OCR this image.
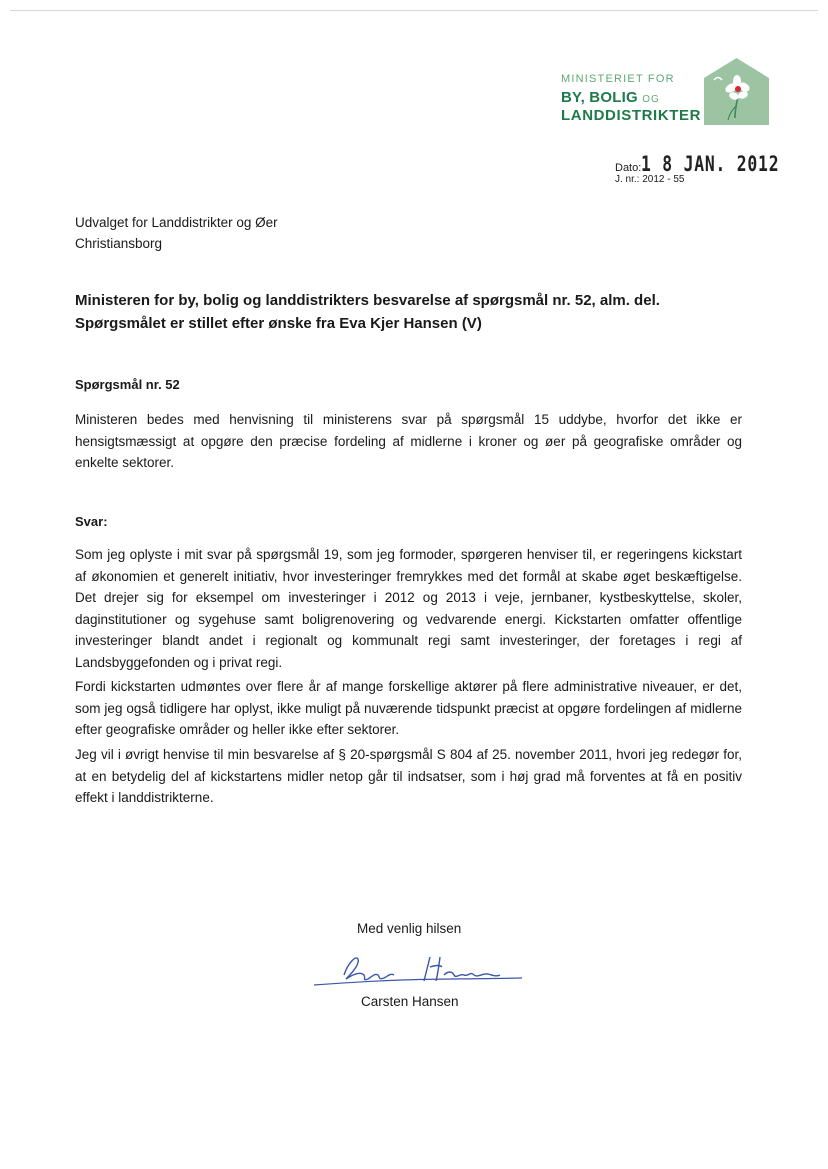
MINISTERIET FOR
BY, BOLIG OG
LANDDISTRIKTER
Dato: 1 8 JAN. 2012
J. nr.: 2012 - 55
Udvalget for Landdistrikter og Øer
Christiansborg
Ministeren for by, bolig og landdistrikters besvarelse af spørgsmål nr. 52, alm. del.
Spørgsmålet er stillet efter ønske fra Eva Kjer Hansen (V)
Spørgsmål nr. 52
Ministeren bedes med henvisning til ministerens svar på spørgsmål 15 uddybe, hvorfor det ikke er hensigtsmæssigt at opgøre den præcise fordeling af midlerne i kroner og øer på geografiske områder og enkelte sektorer.
Svar:
Som jeg oplyste i mit svar på spørgsmål 19, som jeg formoder, spørgeren henviser til, er regeringens kickstart af økonomien et generelt initiativ, hvor investeringer fremrykkes med det formål at skabe øget beskæftigelse. Det drejer sig for eksempel om investeringer i 2012 og 2013 i veje, jernbaner, kystbeskyttelse, skoler, daginstitutioner og sygehuse samt boligrenovering og vedvarende energi. Kickstarten omfatter offentlige investeringer blandt andet i regionalt og kommunalt regi samt investeringer, der foretages i regi af Landsbyggefonden og i privat regi.
Fordi kickstarten udmøntes over flere år af mange forskellige aktører på flere administrative niveauer, er det, som jeg også tidligere har oplyst, ikke muligt på nuværende tidspunkt præcist at opgøre fordelingen af midlerne efter geografiske områder og heller ikke efter sektorer.
Jeg vil i øvrigt henvise til min besvarelse af § 20-spørgsmål S 804 af 25. november 2011, hvori jeg redegør for, at en betydelig del af kickstartens midler netop går til indsatser, som i høj grad må forventes at få en positiv effekt i landdistrikterne.
Med venlig hilsen
Carsten Hansen
